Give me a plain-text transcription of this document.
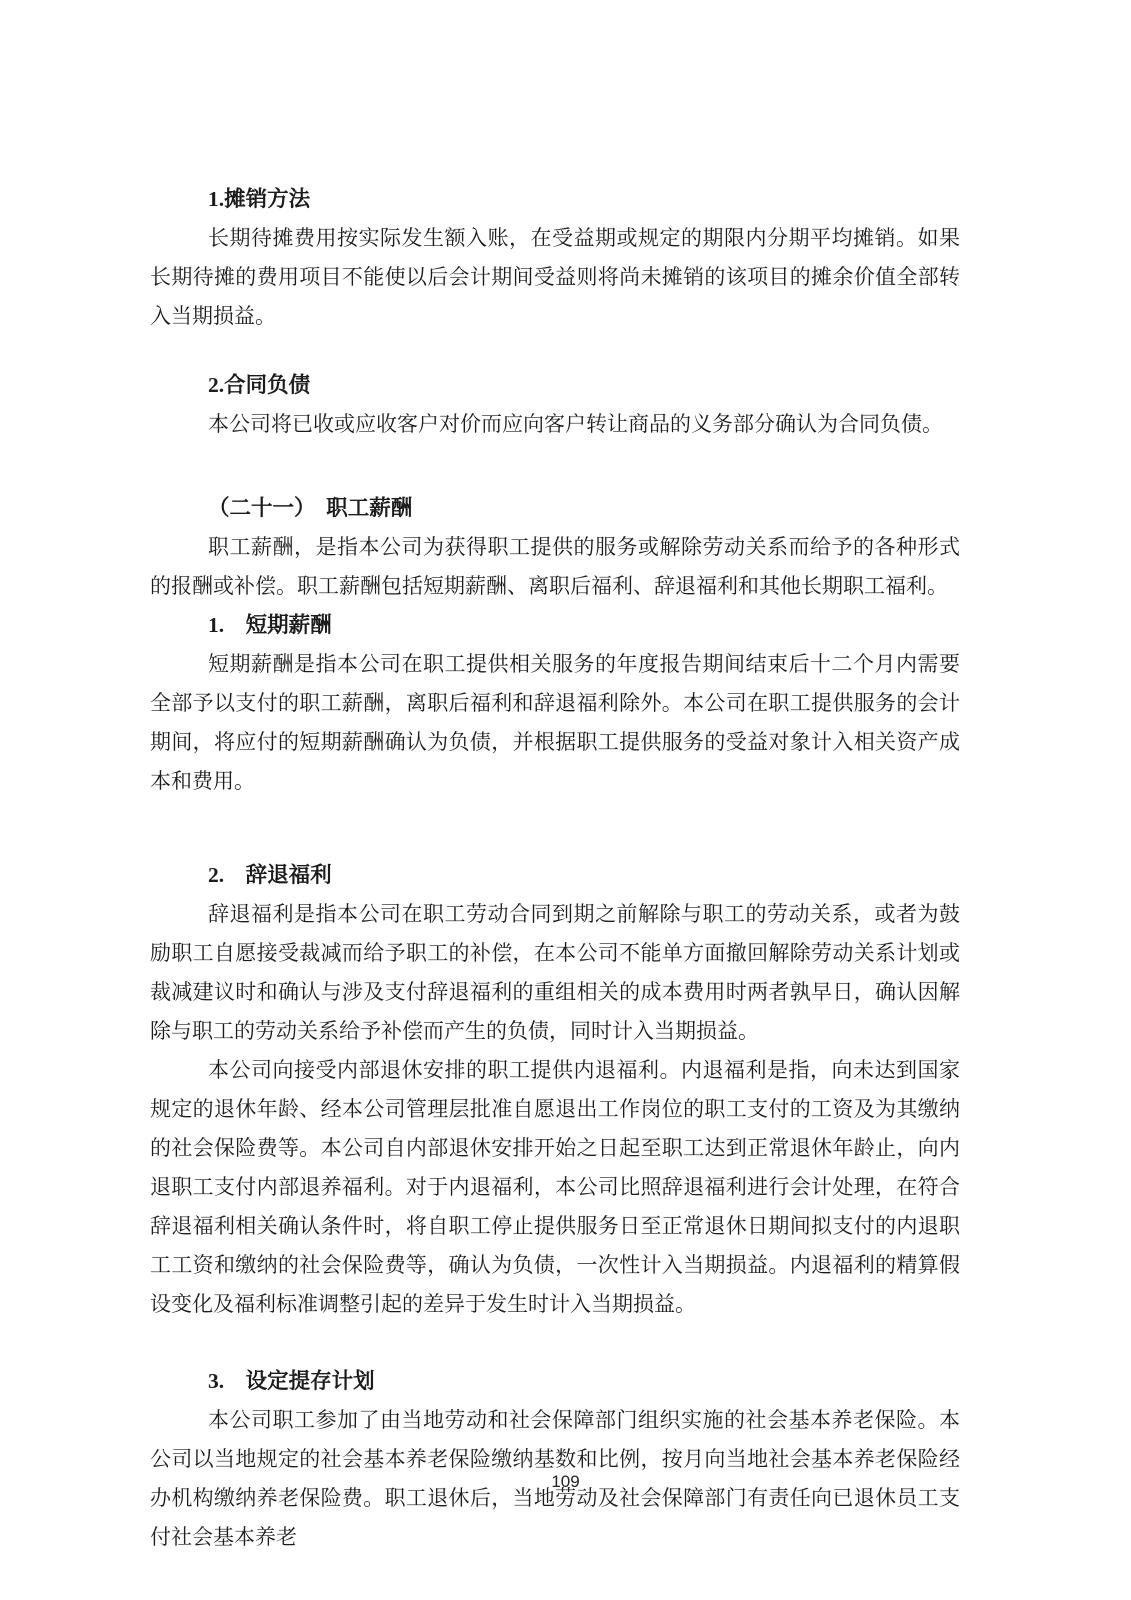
1.摊销方法

长期待摊费用按实际发生额入账，在受益期或规定的期限内分期平均摊销。如果长期待摊的费用项目不能使以后会计期间受益则将尚未摊销的该项目的摊余价值全部转入当期损益。

2.合同负债

本公司将已收或应收客户对价而应向客户转让商品的义务部分确认为合同负债。

（二十一）　职工薪酬

职工薪酬，是指本公司为获得职工提供的服务或解除劳动关系而给予的各种形式的报酬或补偿。职工薪酬包括短期薪酬、离职后福利、辞退福利和其他长期职工福利。

1.　短期薪酬

短期薪酬是指本公司在职工提供相关服务的年度报告期间结束后十二个月内需要全部予以支付的职工薪酬，离职后福利和辞退福利除外。本公司在职工提供服务的会计期间，将应付的短期薪酬确认为负债，并根据职工提供服务的受益对象计入相关资产成本和费用。

2.　辞退福利

辞退福利是指本公司在职工劳动合同到期之前解除与职工的劳动关系，或者为鼓励职工自愿接受裁减而给予职工的补偿，在本公司不能单方面撤回解除劳动关系计划或裁减建议时和确认与涉及支付辞退福利的重组相关的成本费用时两者孰早日，确认因解除与职工的劳动关系给予补偿而产生的负债，同时计入当期损益。

本公司向接受内部退休安排的职工提供内退福利。内退福利是指，向未达到国家规定的退休年龄、经本公司管理层批准自愿退出工作岗位的职工支付的工资及为其缴纳的社会保险费等。本公司自内部退休安排开始之日起至职工达到正常退休年龄止，向内退职工支付内部退养福利。对于内退福利，本公司比照辞退福利进行会计处理，在符合辞退福利相关确认条件时，将自职工停止提供服务日至正常退休日期间拟支付的内退职工工资和缴纳的社会保险费等，确认为负债，一次性计入当期损益。内退福利的精算假设变化及福利标准调整引起的差异于发生时计入当期损益。

3.　设定提存计划

本公司职工参加了由当地劳动和社会保障部门组织实施的社会基本养老保险。本公司以当地规定的社会基本养老保险缴纳基数和比例，按月向当地社会基本养老保险经办机构缴纳养老保险费。职工退休后，当地劳动及社会保障部门有责任向已退休员工支付社会基本养老

109
